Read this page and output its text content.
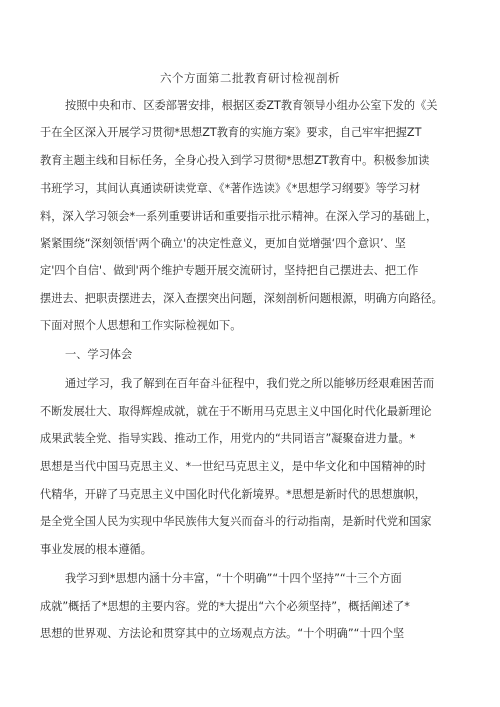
六个方面第二批教育研讨检视剖析
按照中央和市、区委部署安排，根据区委ZT教育领导小组办公室下发的《关
于在全区深入开展学习贯彻*思想ZT教育的实施方案》要求，自己牢牢把握ZT
教育主题主线和目标任务，全身心投入到学习贯彻*思想ZT教育中。积极参加读
书班学习，其间认真通读研读党章、《*著作选读》《*思想学习纲要》等学习材
料，深入学习领会*一系列重要讲话和重要指示批示精神。在深入学习的基础上，
紧紧围绕“深刻领悟'两个确立'的决定性意义，更加自觉增强‘四个意识’、坚
定'四个自信'、做到'两个维护专题开展交流研讨，坚持把自己摆进去、把工作
摆进去、把职责摆进去，深入查摆突出问题，深刻剖析问题根源，明确方向路径。
下面对照个人思想和工作实际检视如下。
一、学习体会
通过学习，我了解到在百年奋斗征程中，我们党之所以能够历经艰难困苦而
不断发展壮大、取得辉煌成就，就在于不断用马克思主义中国化时代化最新理论
成果武装全党、指导实践、推动工作，用党内的“共同语言”凝聚奋进力量。*
思想是当代中国马克思主义、*一世纪马克思主义，是中华文化和中国精神的时
代精华，开辟了马克思主义中国化时代化新境界。*思想是新时代的思想旗帜，
是全党全国人民为实现中华民族伟大复兴而奋斗的行动指南，是新时代党和国家
事业发展的根本遵循。
我学习到*思想内涵十分丰富，“十个明确”“十四个坚持”“十三个方面
成就”概括了*思想的主要内容。党的*大提出“六个必须坚持”，概括阐述了*
思想的世界观、方法论和贯穿其中的立场观点方法。“十个明确”“十四个坚
